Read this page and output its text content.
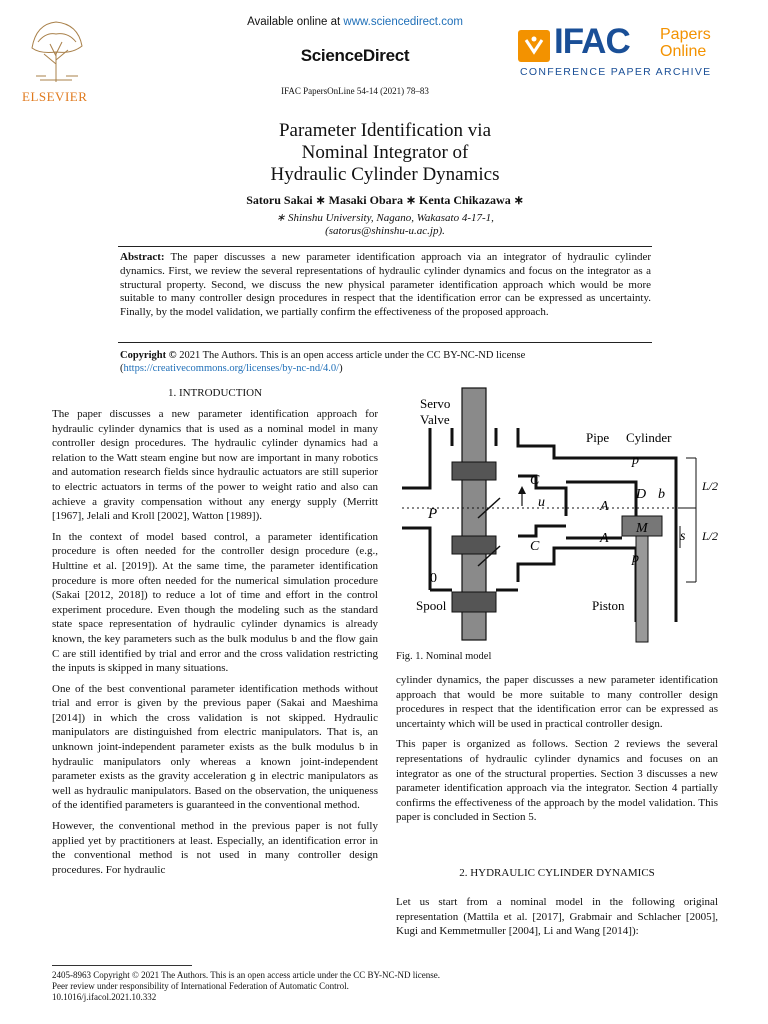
ELSEVIER
Available online at www.sciencedirect.com
ScienceDirect
IFAC PapersOnLine 54-14 (2021) 78–83
IFAC Papers
Online
CONFERENCE PAPER ARCHIVE
Parameter Identification via
Nominal Integrator of
Hydraulic Cylinder Dynamics
Satoru Sakai ∗ Masaki Obara ∗ Kenta Chikazawa ∗
∗ Shinshu University, Nagano, Wakasato 4-17-1,
(satorus@shinshu-u.ac.jp).
Abstract: The paper discusses a new parameter identification approach via an integrator of hydraulic cylinder dynamics. First, we review the several representations of hydraulic cylinder dynamics and focus on the integrator as a structural property. Second, we discuss the new physical parameter identification approach which would be more suitable to many controller design procedures in respect that the identification error can be expressed as uncertainty. Finally, by the model validation, we partially confirm the effectiveness of the proposed approach.
Copyright © 2021 The Authors. This is an open access article under the CC BY-NC-ND license
(https://creativecommons.org/licenses/by-nc-nd/4.0/)
1. INTRODUCTION

The paper discusses a new parameter identification approach for hydraulic cylinder dynamics that is used as a nominal model in many controller design procedures. The hydraulic cylinder dynamics had a relation to the Watt steam engine but now are important in many robotics and automation research fields since hydraulic actuators are still superior to electric actuators in terms of the power to weight ratio and also can achieve a gravity compensation without any energy supply (Merritt [1967], Jelali and Kroll [2002], Watton [1989]).

In the context of model based control, a parameter identification procedure is often needed for the controller design procedure (e.g., Hulttine et al. [2019]). At the same time, the parameter identification procedure is more often needed for the numerical simulation procedure (Sakai [2012, 2018]) to reduce a lot of time and effort in the control experiment procedure. Even though the modeling such as the standard state space representation of hydraulic cylinder dynamics is already known, the key parameters such as the bulk modulus b and the flow gain C are still identified by trial and error and the cross validation restricting the inputs is skipped in many situations.

One of the best conventional parameter identification methods without trial and error is given by the previous paper (Sakai and Maeshima [2014]) in which the cross validation is not skipped. Hydraulic manipulators are distinguished from electric manipulators. That is, an unknown joint-independent parameter exists as the bulk modulus b in hydraulic manipulators only whereas a known joint-independent parameter exists as the gravity acceleration g in electric manipulators as well as hydraulic manipulators. Based on the observation, the uniqueness of the identified parameters is guaranteed in the conventional method.

However, the conventional method in the previous paper is not fully applied yet by practitioners at least. Especially, an identification error in the conventional method is not used in many controller design procedures. For hydraulic

Servo
Valve
Pipe Cylinder
p
C
u
D b
L/2
P	A
M
s L/2
C
A
p
0
Spool	Piston
Fig. 1. Nominal model

cylinder dynamics, the paper discusses a new parameter identification approach that would be more suitable to many controller design procedures in respect that the identification error can be expressed as uncertainty which will be used in practical controller design.

This paper is organized as follows. Section 2 reviews the several representations of hydraulic cylinder dynamics and focuses on an integrator as one of the structural properties. Section 3 discusses a new parameter identification approach via the integrator. Section 4 partially confirms the effectiveness of the approach by the model validation. This paper is concluded in Section 5.

2. HYDRAULIC CYLINDER DYNAMICS
Let us start from a nominal model in the following original representation (Mattila et al. [2017], Grabmair and Schlacher [2005], Kugi and Kemmetmuller [2004], Li and Wang [2014]):
2405-8963 Copyright © 2021 The Authors. This is an open access article under the CC BY-NC-ND license.
Peer review under responsibility of International Federation of Automatic Control.
10.1016/j.ifacol.2021.10.332
